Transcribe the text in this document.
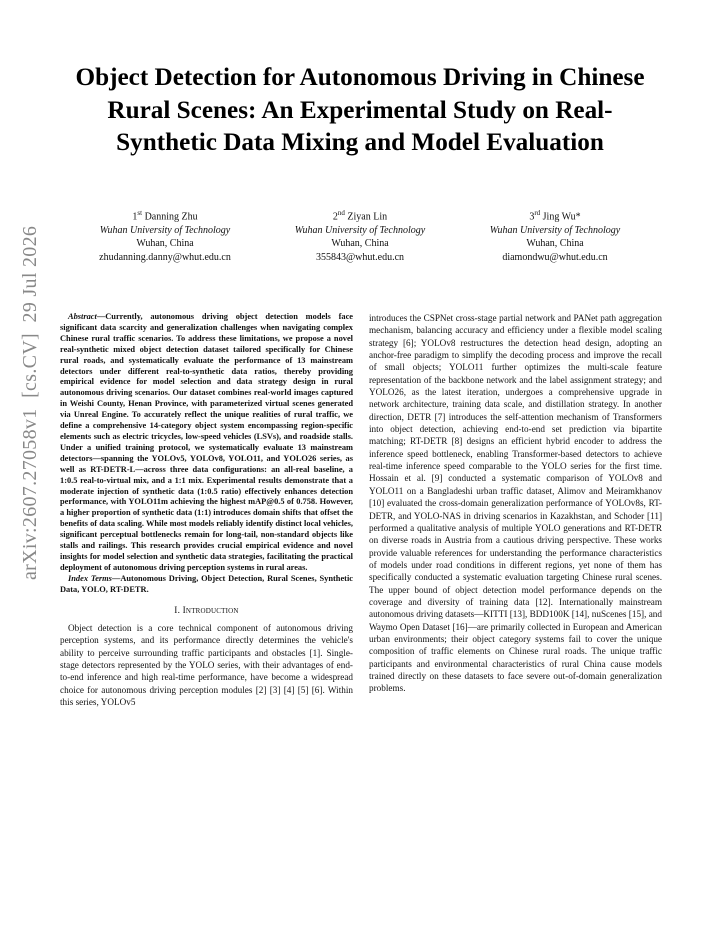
Object Detection for Autonomous Driving in Chinese Rural Scenes: An Experimental Study on Real-Synthetic Data Mixing and Model Evaluation
1st Danning Zhu
Wuhan University of Technology
Wuhan, China
zhudanning.danny@whut.edu.cn
2nd Ziyan Lin
Wuhan University of Technology
Wuhan, China
355843@whut.edu.cn
3rd Jing Wu*
Wuhan University of Technology
Wuhan, China
diamondwu@whut.edu.cn
arXiv:2607.27058v1  [cs.CV]  29 Jul 2026	Abstract—Currently, autonomous driving object detection models face significant data scarcity and generalization challenges when navigating complex Chinese rural traffic scenarios. To address these limitations, we propose a novel real-synthetic mixed object detection dataset tailored specifically for Chinese rural roads, and systematically evaluate the performance of 13 mainstream detectors under different real-to-synthetic data ratios, thereby providing empirical evidence for model selection and data strategy design in rural autonomous driving scenarios. Our dataset combines real-world images captured in Weishi County, Henan Province, with parameterized virtual scenes generated via Unreal Engine. To accurately reflect the unique realities of rural traffic, we define a comprehensive 14-category object system encompassing region-specific elements such as electric tricycles, low-speed vehicles (LSVs), and roadside stalls. Under a unified training protocol, we systematically evaluate 13 mainstream detectors—spanning the YOLOv5, YOLOv8, YOLO11, and YOLO26 series, as well as RT-DETR-L—across three data configurations: an all-real baseline, a 1:0.5 real-to-virtual mix, and a 1:1 mix. Experimental results demonstrate that a moderate injection of synthetic data (1:0.5 ratio) effectively enhances detection performance, with YOLO11m achieving the highest mAP@0.5 of 0.758. However, a higher proportion of synthetic data (1:1) introduces domain shifts that offset the benefits of data scaling. While most models reliably identify distinct local vehicles, significant perceptual bottlenecks remain for long-tail, non-standard objects like stalls and railings. This research provides crucial empirical evidence and novel insights for model selection and synthetic data strategies, facilitating the practical deployment of autonomous driving perception systems in rural areas.

Index Terms—Autonomous Driving, Object Detection, Rural Scenes, Synthetic Data, YOLO, RT-DETR.

I. Introduction

Object detection is a core technical component of autonomous driving perception systems, and its performance directly determines the vehicle's ability to perceive surrounding traffic participants and obstacles [1]. Single-stage detectors represented by the YOLO series, with their advantages of end-to-end inference and high real-time performance, have become a widespread choice for autonomous driving perception modules [2] [3] [4] [5] [6]. Within this series, YOLOv5

introduces the CSPNet cross-stage partial network and PANet path aggregation mechanism, balancing accuracy and efficiency under a flexible model scaling strategy [6]; YOLOv8 restructures the detection head design, adopting an anchor-free paradigm to simplify the decoding process and improve the recall of small objects; YOLO11 further optimizes the multi-scale feature representation of the backbone network and the label assignment strategy; and YOLO26, as the latest iteration, undergoes a comprehensive upgrade in network architecture, training data scale, and distillation strategy. In another direction, DETR [7] introduces the self-attention mechanism of Transformers into object detection, achieving end-to-end set prediction via bipartite matching; RT-DETR [8] designs an efficient hybrid encoder to address the inference speed bottleneck, enabling Transformer-based detectors to achieve real-time inference speed comparable to the YOLO series for the first time. Hossain et al. [9] conducted a systematic comparison of YOLOv8 and YOLO11 on a Bangladeshi urban traffic dataset, Alimov and Meiramkhanov [10] evaluated the cross-domain generalization performance of YOLOv8s, RT-DETR, and YOLO-NAS in driving scenarios in Kazakhstan, and Schoder [11] performed a qualitative analysis of multiple YOLO generations and RT-DETR on diverse roads in Austria from a cautious driving perspective. These works provide valuable references for understanding the performance characteristics of models under road conditions in different regions, yet none of them has specifically conducted a systematic evaluation targeting Chinese rural scenes. The upper bound of object detection model performance depends on the coverage and diversity of training data [12]. Internationally mainstream autonomous driving datasets—KITTI [13], BDD100K [14], nuScenes [15], and Waymo Open Dataset [16]—are primarily collected in European and American urban environments; their object category systems fail to cover the unique composition of traffic elements on Chinese rural roads. The unique traffic participants and environmental characteristics of rural China cause models trained directly on these datasets to face severe out-of-domain generalization problems.
